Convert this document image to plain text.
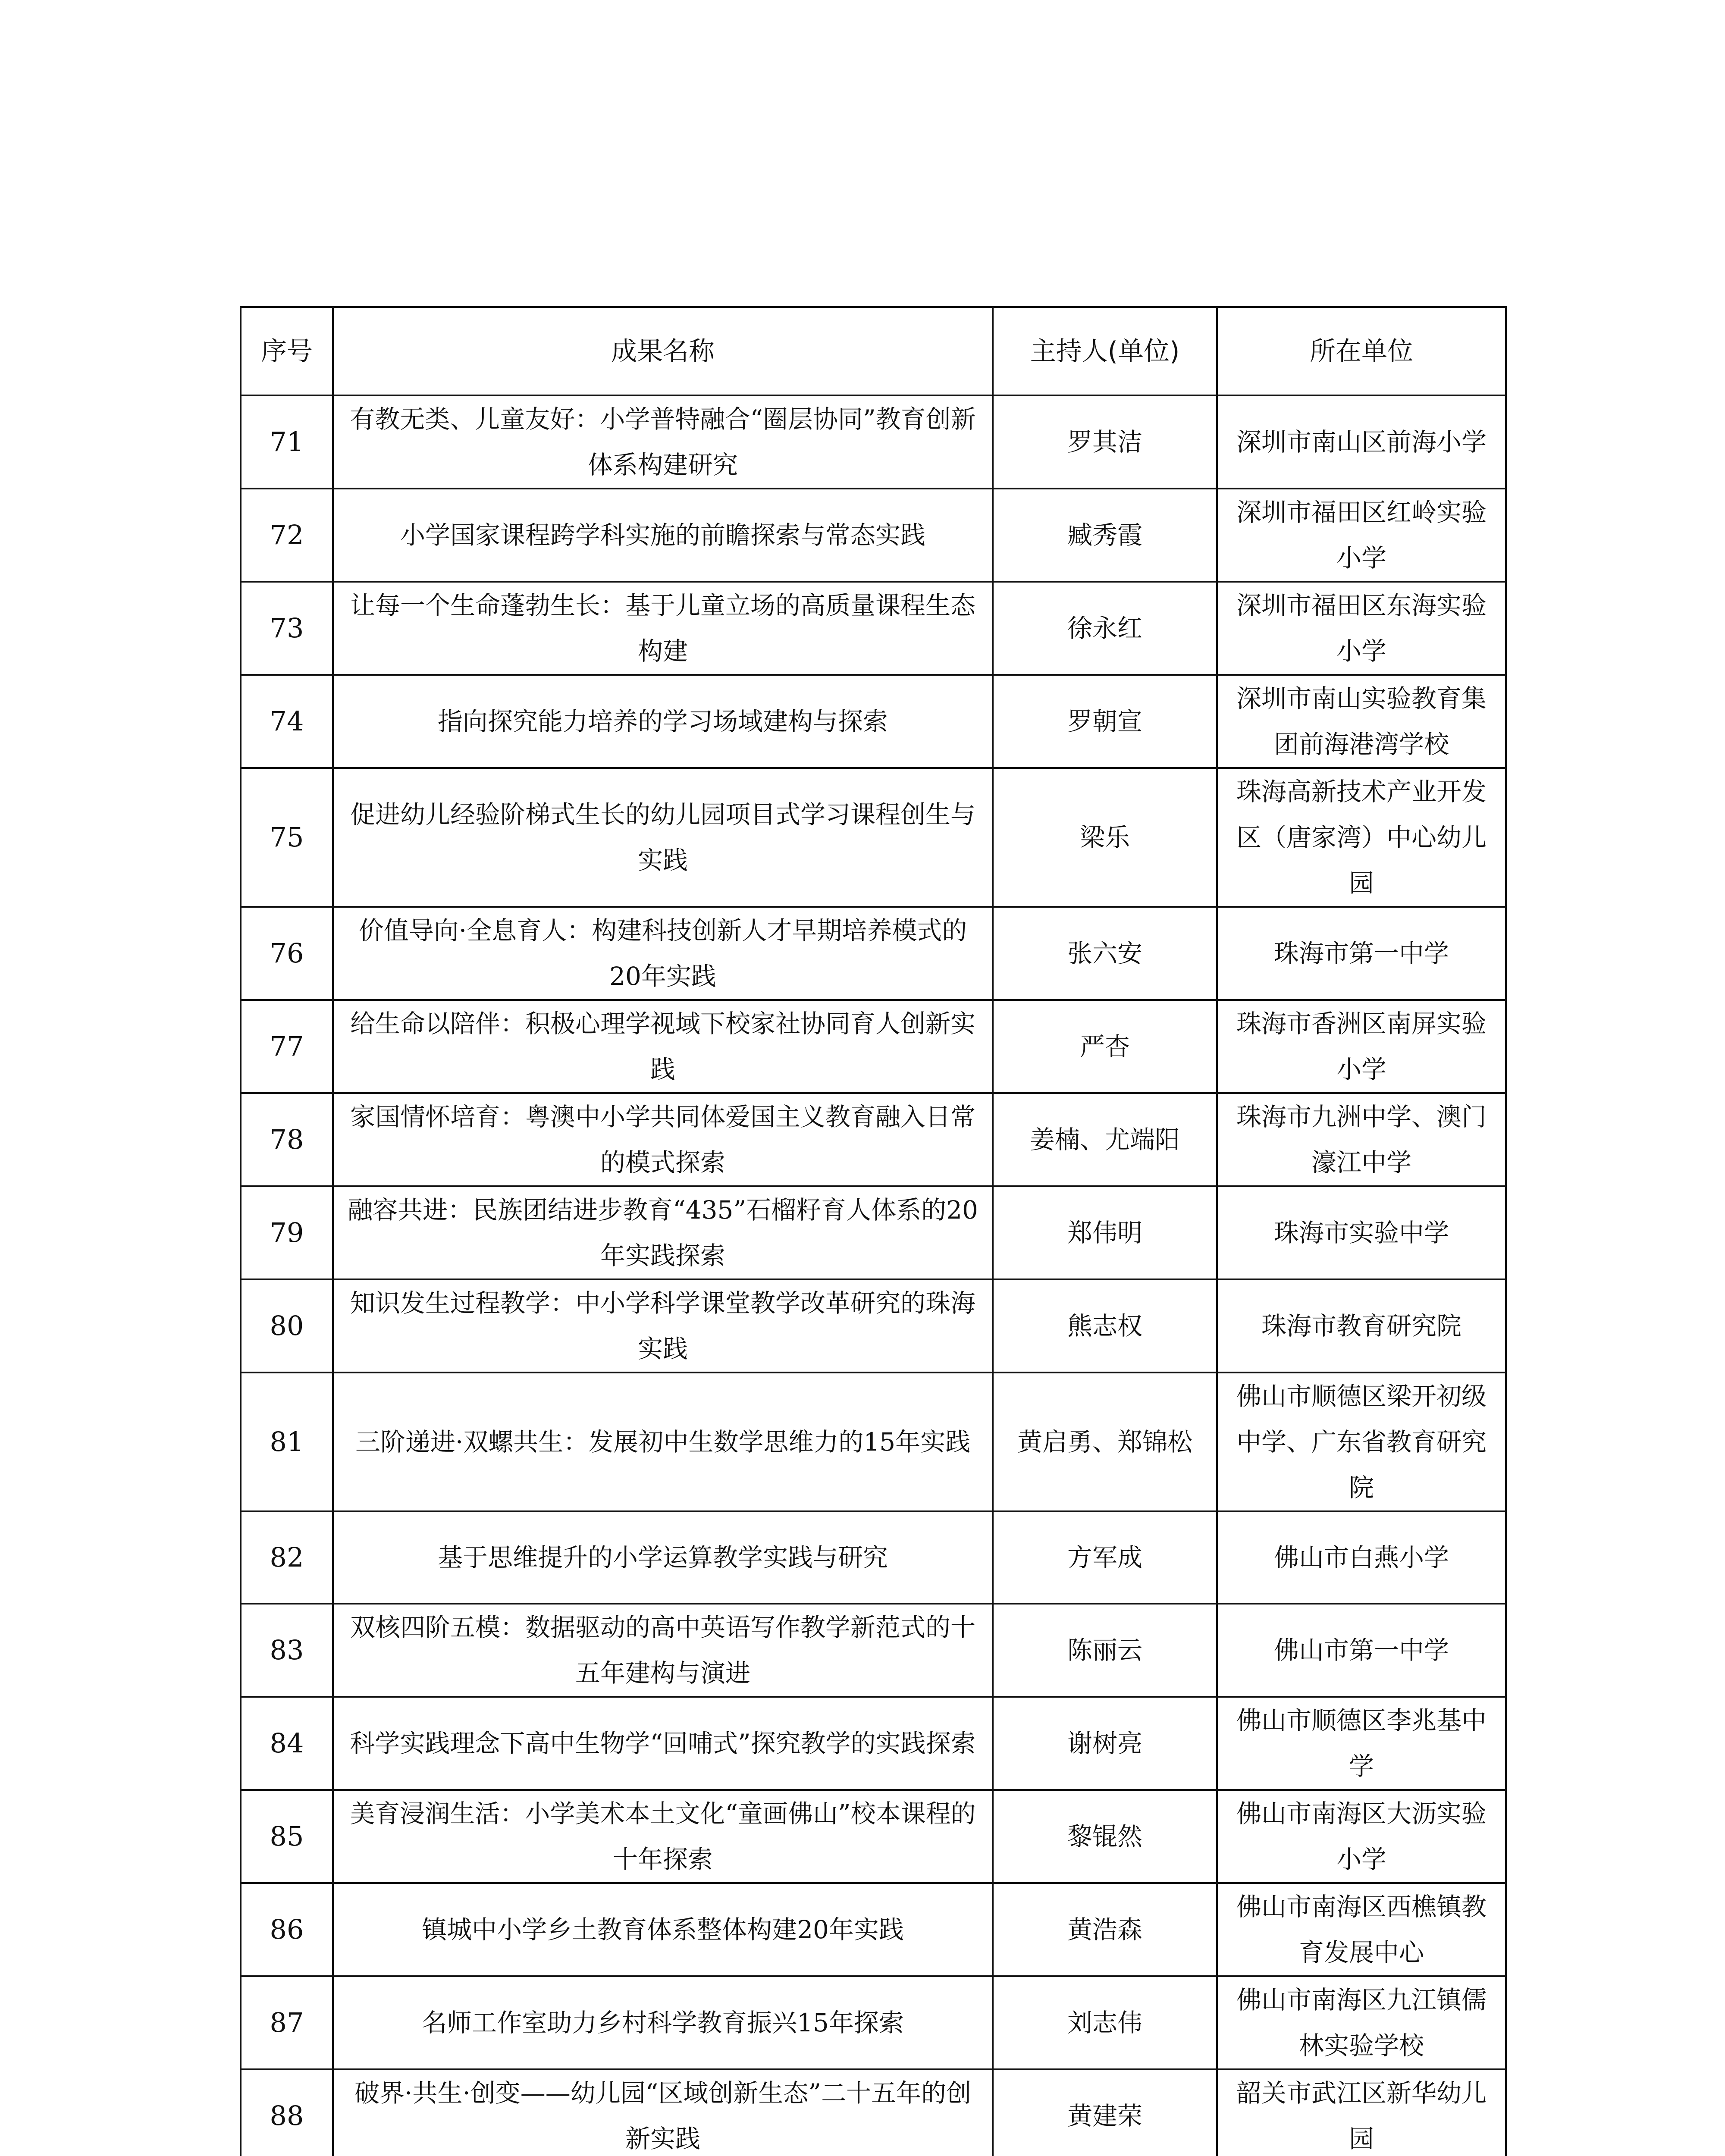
序号	成果名称	主持人(单位)	所在单位
71	有教无类、儿童友好：小学普特融合“圈层协同”教育创新体系构建研究	罗其洁	深圳市南山区前海小学
72	小学国家课程跨学科实施的前瞻探索与常态实践	臧秀霞	深圳市福田区红岭实验小学
73	让每一个生命蓬勃生长：基于儿童立场的高质量课程生态构建	徐永红	深圳市福田区东海实验小学
74	指向探究能力培养的学习场域建构与探索	罗朝宣	深圳市南山实验教育集团前海港湾学校
75	促进幼儿经验阶梯式生长的幼儿园项目式学习课程创生与实践	梁乐	珠海高新技术产业开发区（唐家湾）中心幼儿园
76	价值导向·全息育人：构建科技创新人才早期培养模式的20年实践	张六安	珠海市第一中学
77	给生命以陪伴：积极心理学视域下校家社协同育人创新实践	严杏	珠海市香洲区南屏实验小学
78	家国情怀培育：粤澳中小学共同体爱国主义教育融入日常的模式探索	姜楠、尤端阳	珠海市九洲中学、澳门濠江中学
79	融容共进：民族团结进步教育“435”石榴籽育人体系的20年实践探索	郑伟明	珠海市实验中学
80	知识发生过程教学：中小学科学课堂教学改革研究的珠海实践	熊志权	珠海市教育研究院
81	三阶递进·双螺共生：发展初中生数学思维力的15年实践	黄启勇、郑锦松	佛山市顺德区梁开初级中学、广东省教育研究院
82	基于思维提升的小学运算教学实践与研究	方军成	佛山市白燕小学
83	双核四阶五模：数据驱动的高中英语写作教学新范式的十五年建构与演进	陈丽云	佛山市第一中学
84	科学实践理念下高中生物学“回哺式”探究教学的实践探索	谢树亮	佛山市顺德区李兆基中学
85	美育浸润生活：小学美术本土文化“童画佛山”校本课程的十年探索	黎锟然	佛山市南海区大沥实验小学
86	镇城中小学乡土教育体系整体构建20年实践	黄浩森	佛山市南海区西樵镇教育发展中心
87	名师工作室助力乡村科学教育振兴15年探索	刘志伟	佛山市南海区九江镇儒林实验学校
88	破界·共生·创变——幼儿园“区域创新生态”二十五年的创新实践	黄建荣	韶关市武江区新华幼儿园
